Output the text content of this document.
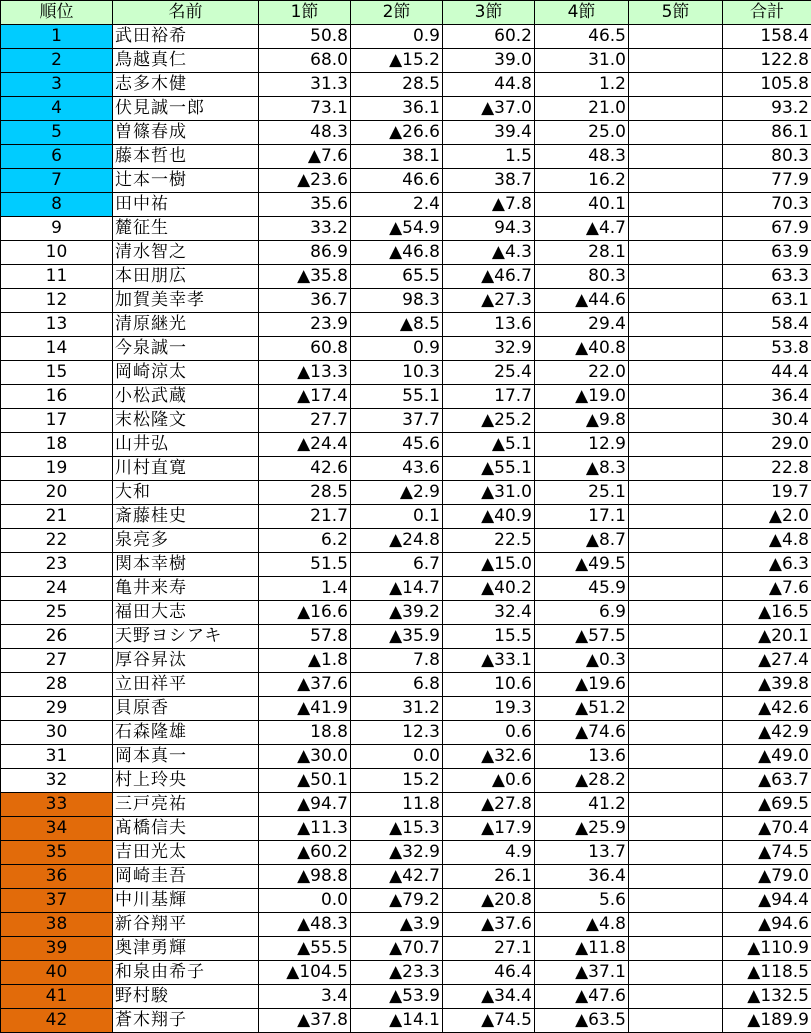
順位	名前	1節	2節	3節	4節	5節	合計
1	武田裕希	50.8	0.9	60.2	46.5		158.4
2	鳥越真仁	68.0	▲15.2	39.0	31.0		122.8
3	志多木健	31.3	28.5	44.8	1.2		105.8
4	伏見誠一郎	73.1	36.1	▲37.0	21.0		93.2
5	曽篠春成	48.3	▲26.6	39.4	25.0		86.1
6	藤本哲也	▲7.6	38.1	1.5	48.3		80.3
7	辻本一樹	▲23.6	46.6	38.7	16.2		77.9
8	田中祐	35.6	2.4	▲7.8	40.1		70.3
9	麓征生	33.2	▲54.9	94.3	▲4.7		67.9
10	清水智之	86.9	▲46.8	▲4.3	28.1		63.9
11	本田朋広	▲35.8	65.5	▲46.7	80.3		63.3
12	加賀美幸孝	36.7	98.3	▲27.3	▲44.6		63.1
13	清原継光	23.9	▲8.5	13.6	29.4		58.4
14	今泉誠一	60.8	0.9	32.9	▲40.8		53.8
15	岡崎涼太	▲13.3	10.3	25.4	22.0		44.4
16	小松武蔵	▲17.4	55.1	17.7	▲19.0		36.4
17	末松隆文	27.7	37.7	▲25.2	▲9.8		30.4
18	山井弘	▲24.4	45.6	▲5.1	12.9		29.0
19	川村直寛	42.6	43.6	▲55.1	▲8.3		22.8
20	大和	28.5	▲2.9	▲31.0	25.1		19.7
21	斎藤桂史	21.7	0.1	▲40.9	17.1		▲2.0
22	泉亮多	6.2	▲24.8	22.5	▲8.7		▲4.8
23	関本幸樹	51.5	6.7	▲15.0	▲49.5		▲6.3
24	亀井来寿	1.4	▲14.7	▲40.2	45.9		▲7.6
25	福田大志	▲16.6	▲39.2	32.4	6.9		▲16.5
26	天野ヨシアキ	57.8	▲35.9	15.5	▲57.5		▲20.1
27	厚谷昇汰	▲1.8	7.8	▲33.1	▲0.3		▲27.4
28	立田祥平	▲37.6	6.8	10.6	▲19.6		▲39.8
29	貝原香	▲41.9	31.2	19.3	▲51.2		▲42.6
30	石森隆雄	18.8	12.3	0.6	▲74.6		▲42.9
31	岡本真一	▲30.0	0.0	▲32.6	13.6		▲49.0
32	村上玲央	▲50.1	15.2	▲0.6	▲28.2		▲63.7
33	三戸亮祐	▲94.7	11.8	▲27.8	41.2		▲69.5
34	髙橋信夫	▲11.3	▲15.3	▲17.9	▲25.9		▲70.4
35	吉田光太	▲60.2	▲32.9	4.9	13.7		▲74.5
36	岡崎圭吾	▲98.8	▲42.7	26.1	36.4		▲79.0
37	中川基輝	0.0	▲79.2	▲20.8	5.6		▲94.4
38	新谷翔平	▲48.3	▲3.9	▲37.6	▲4.8		▲94.6
39	奥津勇輝	▲55.5	▲70.7	27.1	▲11.8		▲110.9
40	和泉由希子	▲104.5	▲23.3	46.4	▲37.1		▲118.5
41	野村駿	3.4	▲53.9	▲34.4	▲47.6		▲132.5
42	蒼木翔子	▲37.8	▲14.1	▲74.5	▲63.5		▲189.9
